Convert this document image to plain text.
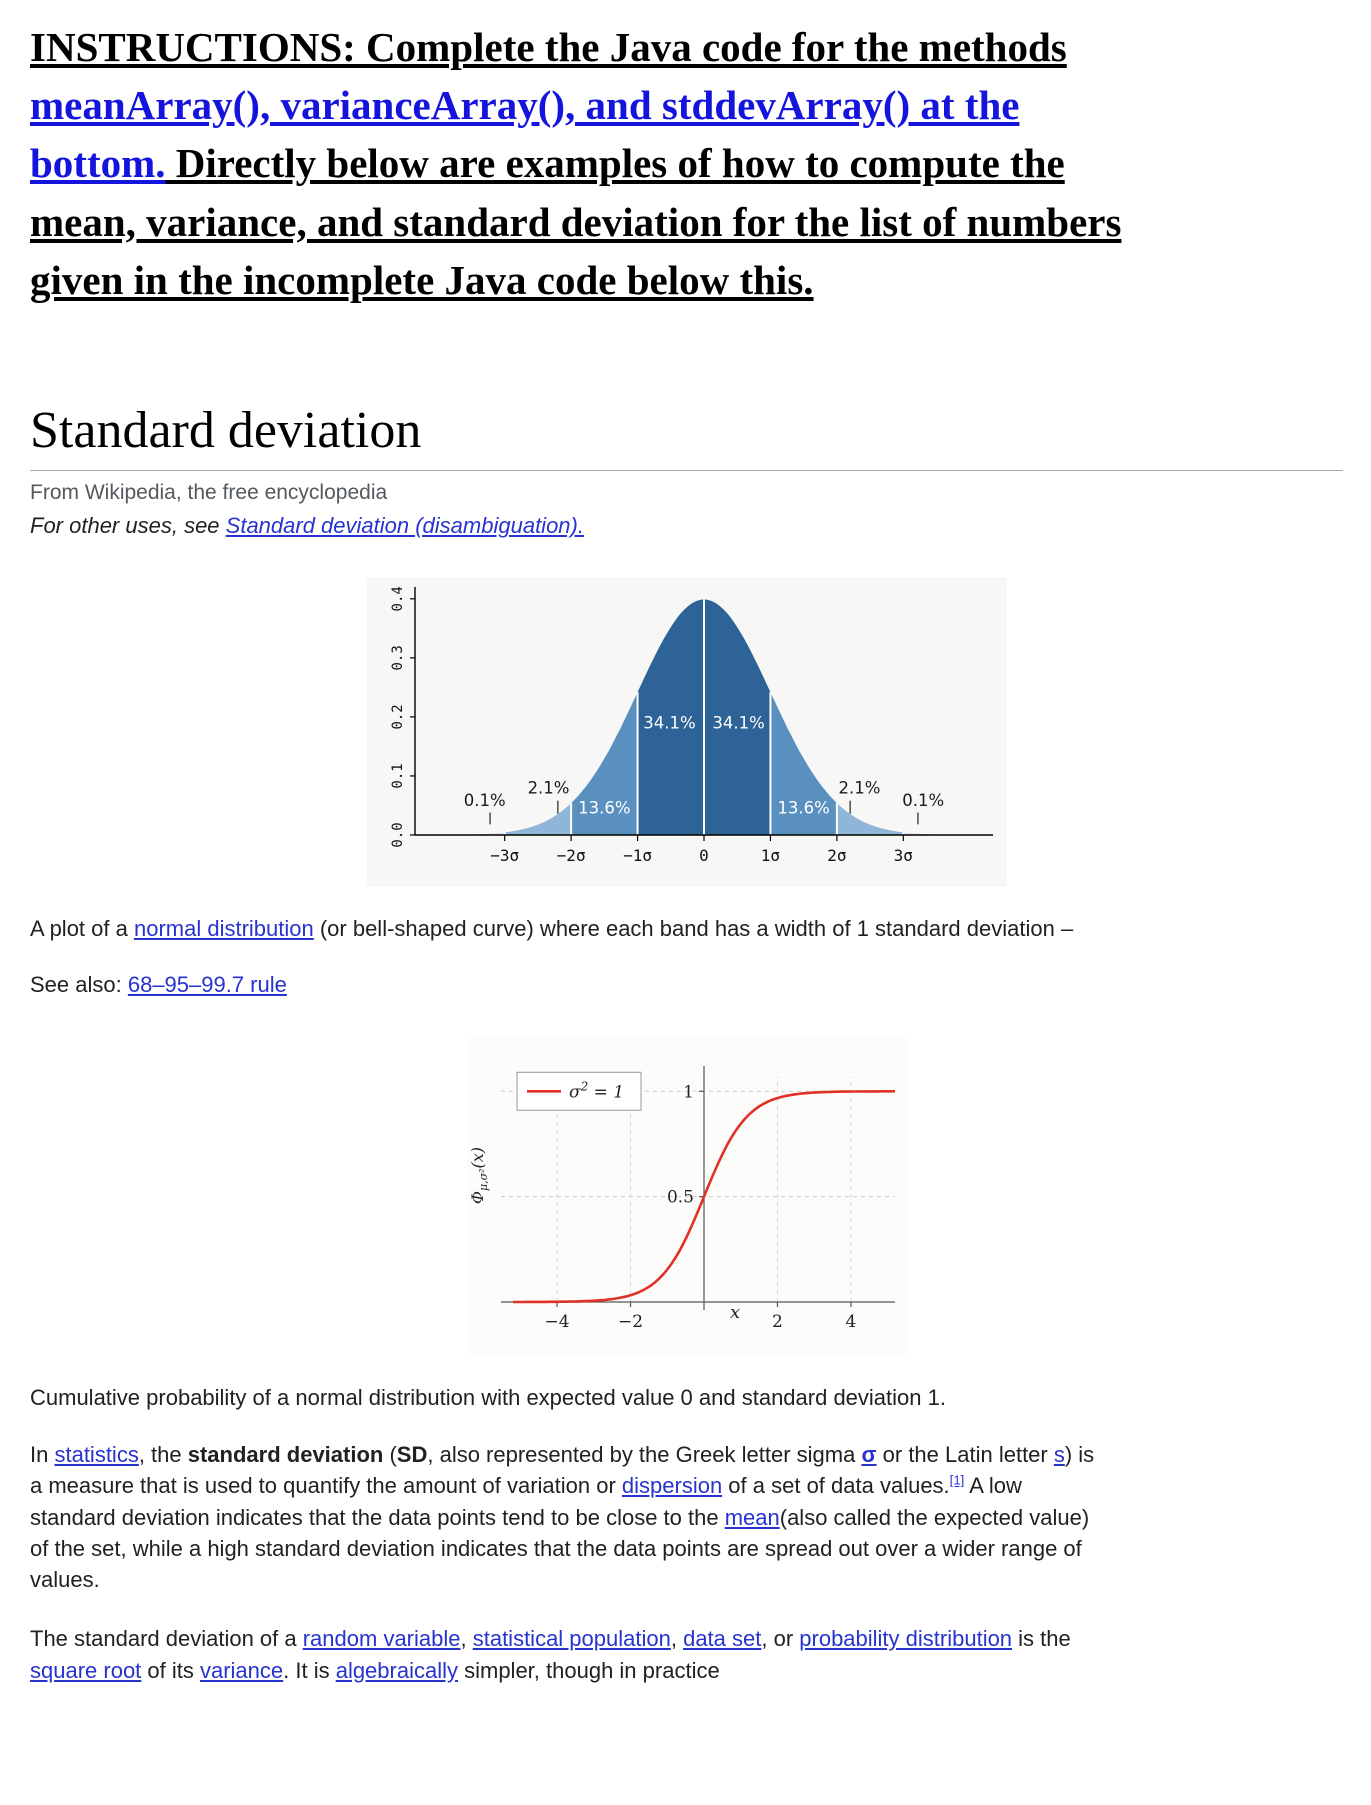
INSTRUCTIONS: Complete the Java code for the methods meanArray(), varianceArray(), and stddevArray() at the bottom. Directly below are examples of how to compute the mean, variance, and standard deviation for the list of numbers given in the incomplete Java code below this.
Standard deviation
From Wikipedia, the free encyclopedia
For other uses, see Standard deviation (disambiguation).
−3σ −2σ −1σ	0	1σ	2σ	3σ
0.0
0.1
0.2
0.3
0.4
34.1% 34.1%
13.6%	13.6%
2.1%	2.1%
0.1%	0.1%
A plot of a normal distribution (or bell-shaped curve) where each band has a width of 1 standard deviation –
See also: 68–95–99.7 rule
−4	−2	2	4
1
0.5
$\sigma^2 = 1$
x
$\Phi_{\mu,\sigma^2}(x)$
Cumulative probability of a normal distribution with expected value 0 and standard deviation 1.

In statistics, the standard deviation (SD, also represented by the Greek letter sigma σ or the Latin letter s) is a measure that is used to quantify the amount of variation or dispersion of a set of data values.[1] A low standard deviation indicates that the data points tend to be close to the mean(also called the expected value) of the set, while a high standard deviation indicates that the data points are spread out over a wider range of values.

The standard deviation of a random variable, statistical population, data set, or probability distribution is the square root of its variance. It is algebraically simpler, though in practice
